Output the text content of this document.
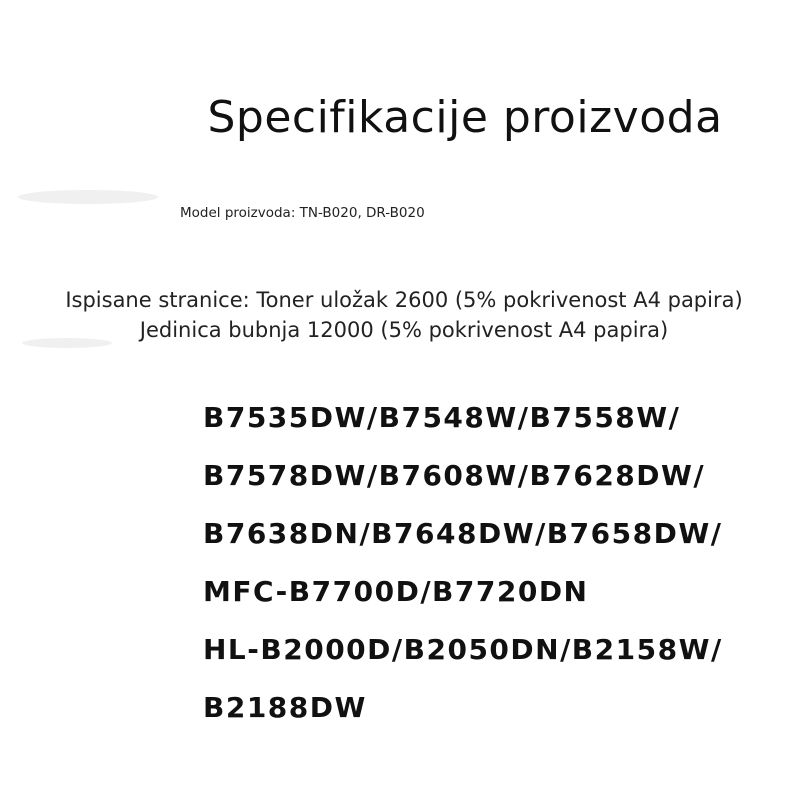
Specifikacije proizvoda
Model proizvoda: TN-B020, DR-B020
Ispisane stranice: Toner uložak 2600 (5% pokrivenost A4 papira)
Jedinica bubnja 12000 (5% pokrivenost A4 papira)
B7535DW/B7548W/B7558W/
B7578DW/B7608W/B7628DW/
B7638DN/B7648DW/B7658DW/
MFC-B7700D/B7720DN
HL-B2000D/B2050DN/B2158W/
B2188DW
